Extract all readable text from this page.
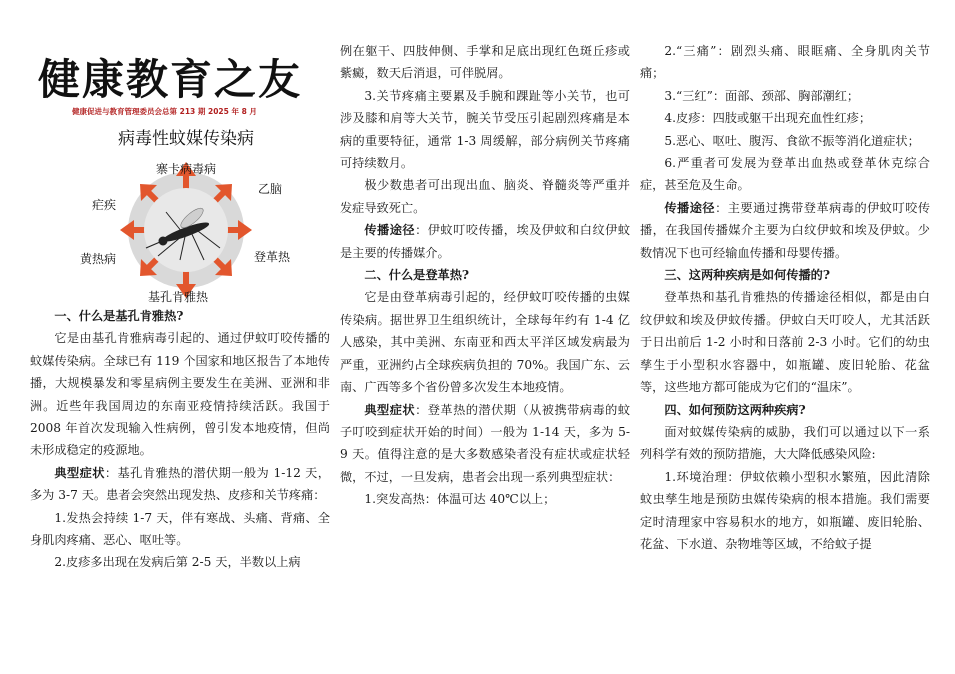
健康教育之友
健康促进与教育管理委员会总第 213 期 2025 年 8 月
病毒性蚊媒传染病
寨卡病毒病
乙脑
登革热
基孔肯雅热
黄热病
疟疾

一、什么是基孔肯雅热?

它是由基孔肯雅病毒引起的、通过伊蚊叮咬传播的蚊媒传染病。全球已有 119 个国家和地区报告了本地传播，大规模暴发和零星病例主要发生在美洲、亚洲和非洲。近些年我国周边的东南亚疫情持续活跃。我国于 2008 年首次发现输入性病例，曾引发本地疫情，但尚未形成稳定的疫源地。

典型症状：基孔肯雅热的潜伏期一般为 1-12 天，多为 3-7 天。患者会突然出现发热、皮疹和关节疼痛：

1.发热会持续 1-7 天，伴有寒战、头痛、背痛、全身肌肉疼痛、恶心、呕吐等。

2.皮疹多出现在发病后第 2-5 天，半数以上病

例在躯干、四肢伸侧、手掌和足底出现红色斑丘疹或紫癜，数天后消退，可伴脱屑。

3.关节疼痛主要累及手腕和踝趾等小关节，也可涉及膝和肩等大关节，腕关节受压引起剧烈疼痛是本病的重要特征，通常 1-3 周缓解，部分病例关节疼痛可持续数月。

极少数患者可出现出血、脑炎、脊髓炎等严重并发症导致死亡。

传播途径：伊蚊叮咬传播，埃及伊蚊和白纹伊蚊是主要的传播媒介。

二、什么是登革热?

它是由登革病毒引起的，经伊蚊叮咬传播的虫媒传染病。据世界卫生组织统计，全球每年约有 1-4 亿人感染，其中美洲、东南亚和西太平洋区域发病最为严重，亚洲约占全球疾病负担的 70%。我国广东、云南、广西等多个省份曾多次发生本地疫情。

典型症状：登革热的潜伏期（从被携带病毒的蚊子叮咬到症状开始的时间）一般为 1-14 天，多为 5-9 天。值得注意的是大多数感染者没有症状或症状轻微，不过，一旦发病，患者会出现一系列典型症状：

1.突发高热：体温可达 40℃以上；

2.“三痛”：剧烈头痛、眼眶痛、全身肌肉关节痛；

3.“三红”：面部、颈部、胸部潮红；

4.皮疹：四肢或躯干出现充血性红疹；

5.恶心、呕吐、腹泻、食欲不振等消化道症状；

6.严重者可发展为登革出血热或登革休克综合症，甚至危及生命。

传播途径：主要通过携带登革病毒的伊蚊叮咬传播，在我国传播媒介主要为白纹伊蚊和埃及伊蚊。少数情况下也可经输血传播和母婴传播。

三、这两种疾病是如何传播的?

登革热和基孔肯雅热的传播途径相似，都是由白纹伊蚊和埃及伊蚊传播。伊蚊白天叮咬人，尤其活跃于日出前后 1-2 小时和日落前 2-3 小时。它们的幼虫孳生于小型积水容器中，如瓶罐、废旧轮胎、花盆等，这些地方都可能成为它们的“温床”。

四、如何预防这两种疾病?

面对蚊媒传染病的威胁，我们可以通过以下一系列科学有效的预防措施，大大降低感染风险:

1.环境治理：伊蚊依赖小型积水繁殖，因此清除蚊虫孳生地是预防虫媒传染病的根本措施。我们需要定时清理家中容易积水的地方，如瓶罐、废旧轮胎、花盆、下水道、杂物堆等区域，不给蚊子提
